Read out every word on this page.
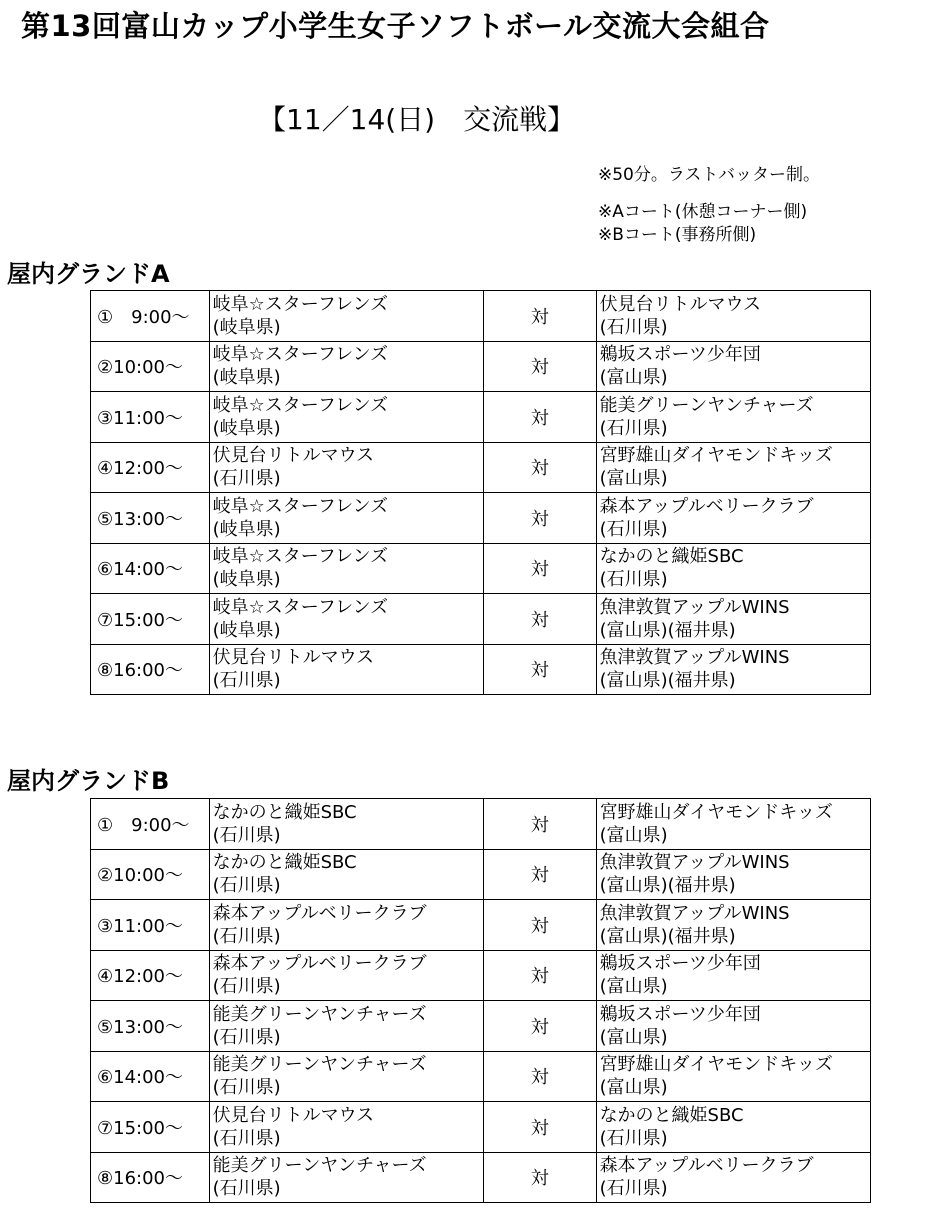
第13回富山カップ小学生女子ソフトボール交流大会組合
【11／14(日)　交流戦】
※50分。ラストバッター制。
※Aコート(休憩コーナー側)
※Bコート(事務所側)
屋内グランドA
①　9:00～	岐阜☆スターフレンズ
(岐阜県)	対	伏見台リトルマウス
(石川県)

②10:00～	岐阜☆スターフレンズ
(岐阜県)	対	鵜坂スポーツ少年団
(富山県)

③11:00～	岐阜☆スターフレンズ
(岐阜県)	対	能美グリーンヤンチャーズ
(石川県)

④12:00～	伏見台リトルマウス
(石川県)	対	宮野雄山ダイヤモンドキッズ
(富山県)

⑤13:00～	岐阜☆スターフレンズ
(岐阜県)	対	森本アップルベリークラブ
(石川県)

⑥14:00～	岐阜☆スターフレンズ
(岐阜県)	対	なかのと織姫SBC
(石川県)

⑦15:00～	岐阜☆スターフレンズ
(岐阜県)	対	魚津敦賀アップルWINS
(富山県)(福井県)

⑧16:00～	伏見台リトルマウス
(石川県)	対	魚津敦賀アップルWINS
(富山県)(福井県)
屋内グランドB
①　9:00～	なかのと織姫SBC
(石川県)	対	宮野雄山ダイヤモンドキッズ
(富山県)

②10:00～	なかのと織姫SBC
(石川県)	対	魚津敦賀アップルWINS
(富山県)(福井県)

③11:00～	森本アップルベリークラブ
(石川県)	対	魚津敦賀アップルWINS
(富山県)(福井県)

④12:00～	森本アップルベリークラブ
(石川県)	対	鵜坂スポーツ少年団
(富山県)

⑤13:00～	能美グリーンヤンチャーズ
(石川県)	対	鵜坂スポーツ少年団
(富山県)

⑥14:00～	能美グリーンヤンチャーズ
(石川県)	対	宮野雄山ダイヤモンドキッズ
(富山県)

⑦15:00～	伏見台リトルマウス
(石川県)	対	なかのと織姫SBC
(石川県)

⑧16:00～	能美グリーンヤンチャーズ
(石川県)	対	森本アップルベリークラブ
(石川県)
